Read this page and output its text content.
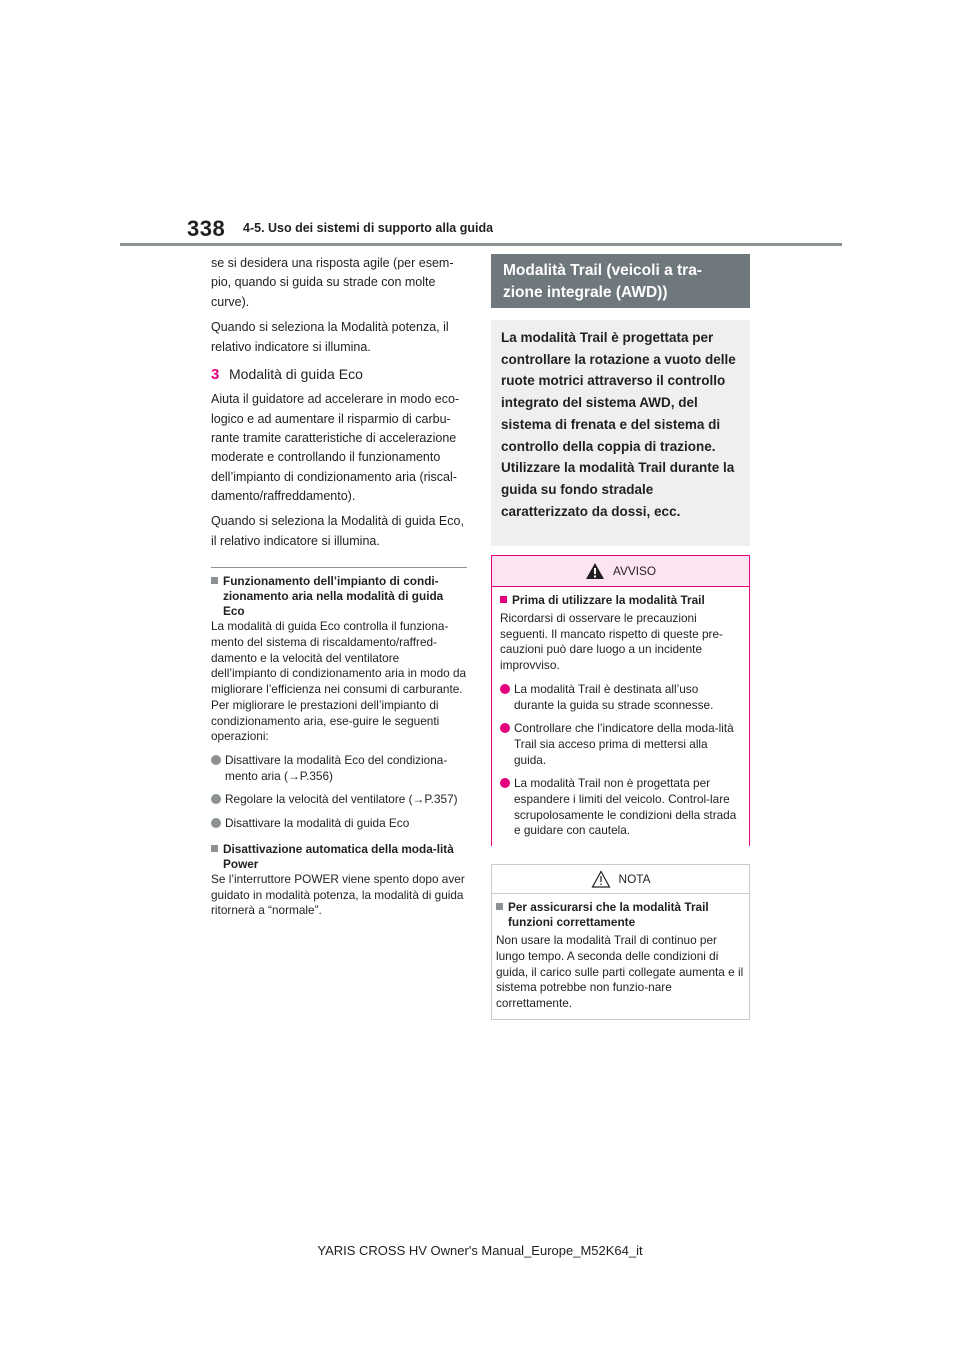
338 4-5. Uso dei sistemi di supporto alla guida

se si desidera una risposta agile (per esem-pio, quando si guida su strade con molte curve).

Quando si seleziona la Modalità potenza, il relativo indicatore si illumina.

3 Modalità di guida Eco

Aiuta il guidatore ad accelerare in modo eco-logico e ad aumentare il risparmio di carbu-rante tramite caratteristiche di accelerazione moderate e controllando il funzionamento dell’impianto di condizionamento aria (riscal-damento/raffreddamento).

Quando si seleziona la Modalità di guida Eco, il relativo indicatore si illumina.

Funzionamento dell’impianto di condi-zionamento aria nella modalità di guida Eco
La modalità di guida Eco controlla il funziona-mento del sistema di riscaldamento/raffred-damento e la velocità del ventilatore dell’impianto di condizionamento aria in modo da migliorare l’efficienza nei consumi di carburante. Per migliorare le prestazioni dell’impianto di condizionamento aria, ese-guire le seguenti operazioni:
Disattivare la modalità Eco del condiziona-mento aria (→P.356)
Regolare la velocità del ventilatore (→P.357)
Disattivare la modalità di guida Eco
Disattivazione automatica della moda-lità Power
Se l’interruttore POWER viene spento dopo aver guidato in modalità potenza, la modalità di guida ritornerà a “normale”.
Modalità Trail (veicoli a tra-zione integrale (AWD))
La modalità Trail è progettata per controllare la rotazione a vuoto delle ruote motrici attraverso il controllo integrato del sistema AWD, del sistema di frenata e del sistema di controllo della coppia di trazione. Utilizzare la modalità Trail durante la guida su fondo stradale caratterizzato da dossi, ecc.
AVVISO
Prima di utilizzare la modalità Trail
Ricordarsi di osservare le precauzioni seguenti. Il mancato rispetto di queste pre-cauzioni può dare luogo a un incidente improvviso.
La modalità Trail è destinata all’uso durante la guida su strade sconnesse.
Controllare che l’indicatore della moda-lità Trail sia acceso prima di mettersi alla guida.
La modalità Trail non è progettata per espandere i limiti del veicolo. Control-lare scrupolosamente le condizioni della strada e guidare con cautela.
NOTA
Per assicurarsi che la modalità Trail funzioni correttamente
Non usare la modalità Trail di continuo per lungo tempo. A seconda delle condizioni di guida, il carico sulle parti collegate aumenta e il sistema potrebbe non funzio-nare correttamente.
YARIS CROSS HV Owner's Manual_Europe_M52K64_it
